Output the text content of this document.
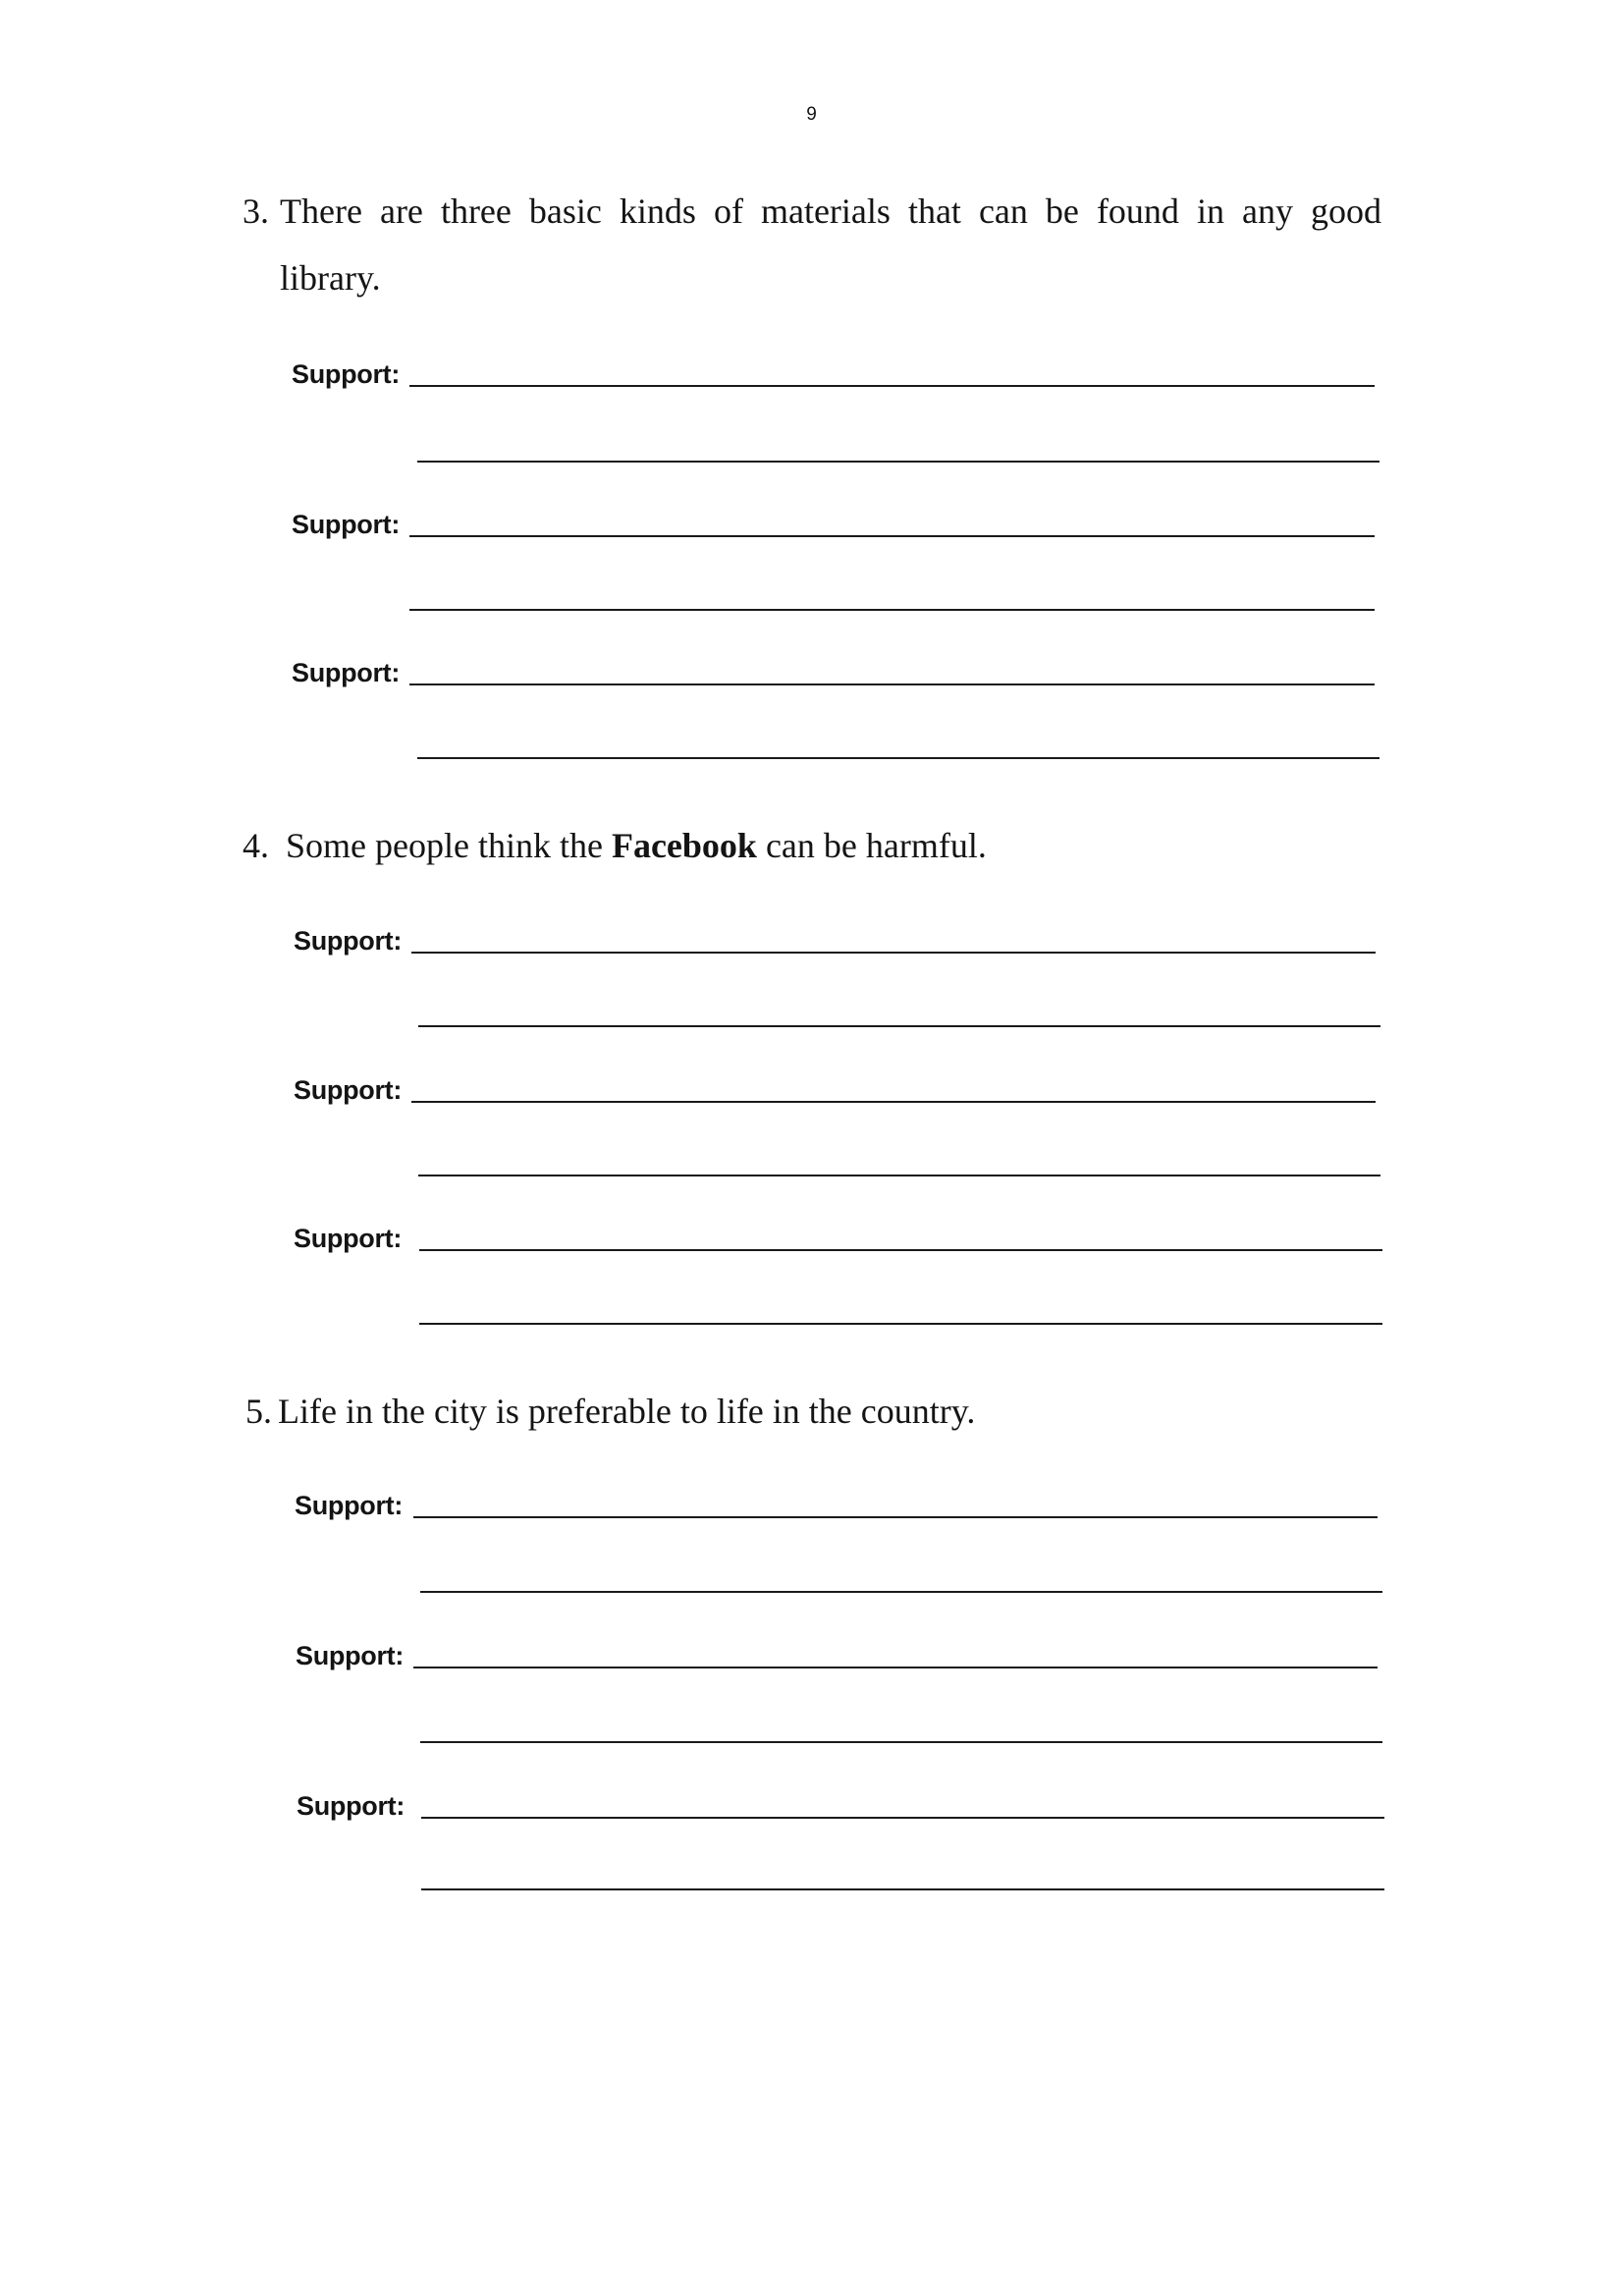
9
3. There are three basic kinds of materials that can be found in any good
library.
Support:
Support:
Support:
4. Some people think the Facebook can be harmful.
Support:
Support:
Support:
5. Life in the city is preferable to life in the country.
Support:
Support:
Support:
